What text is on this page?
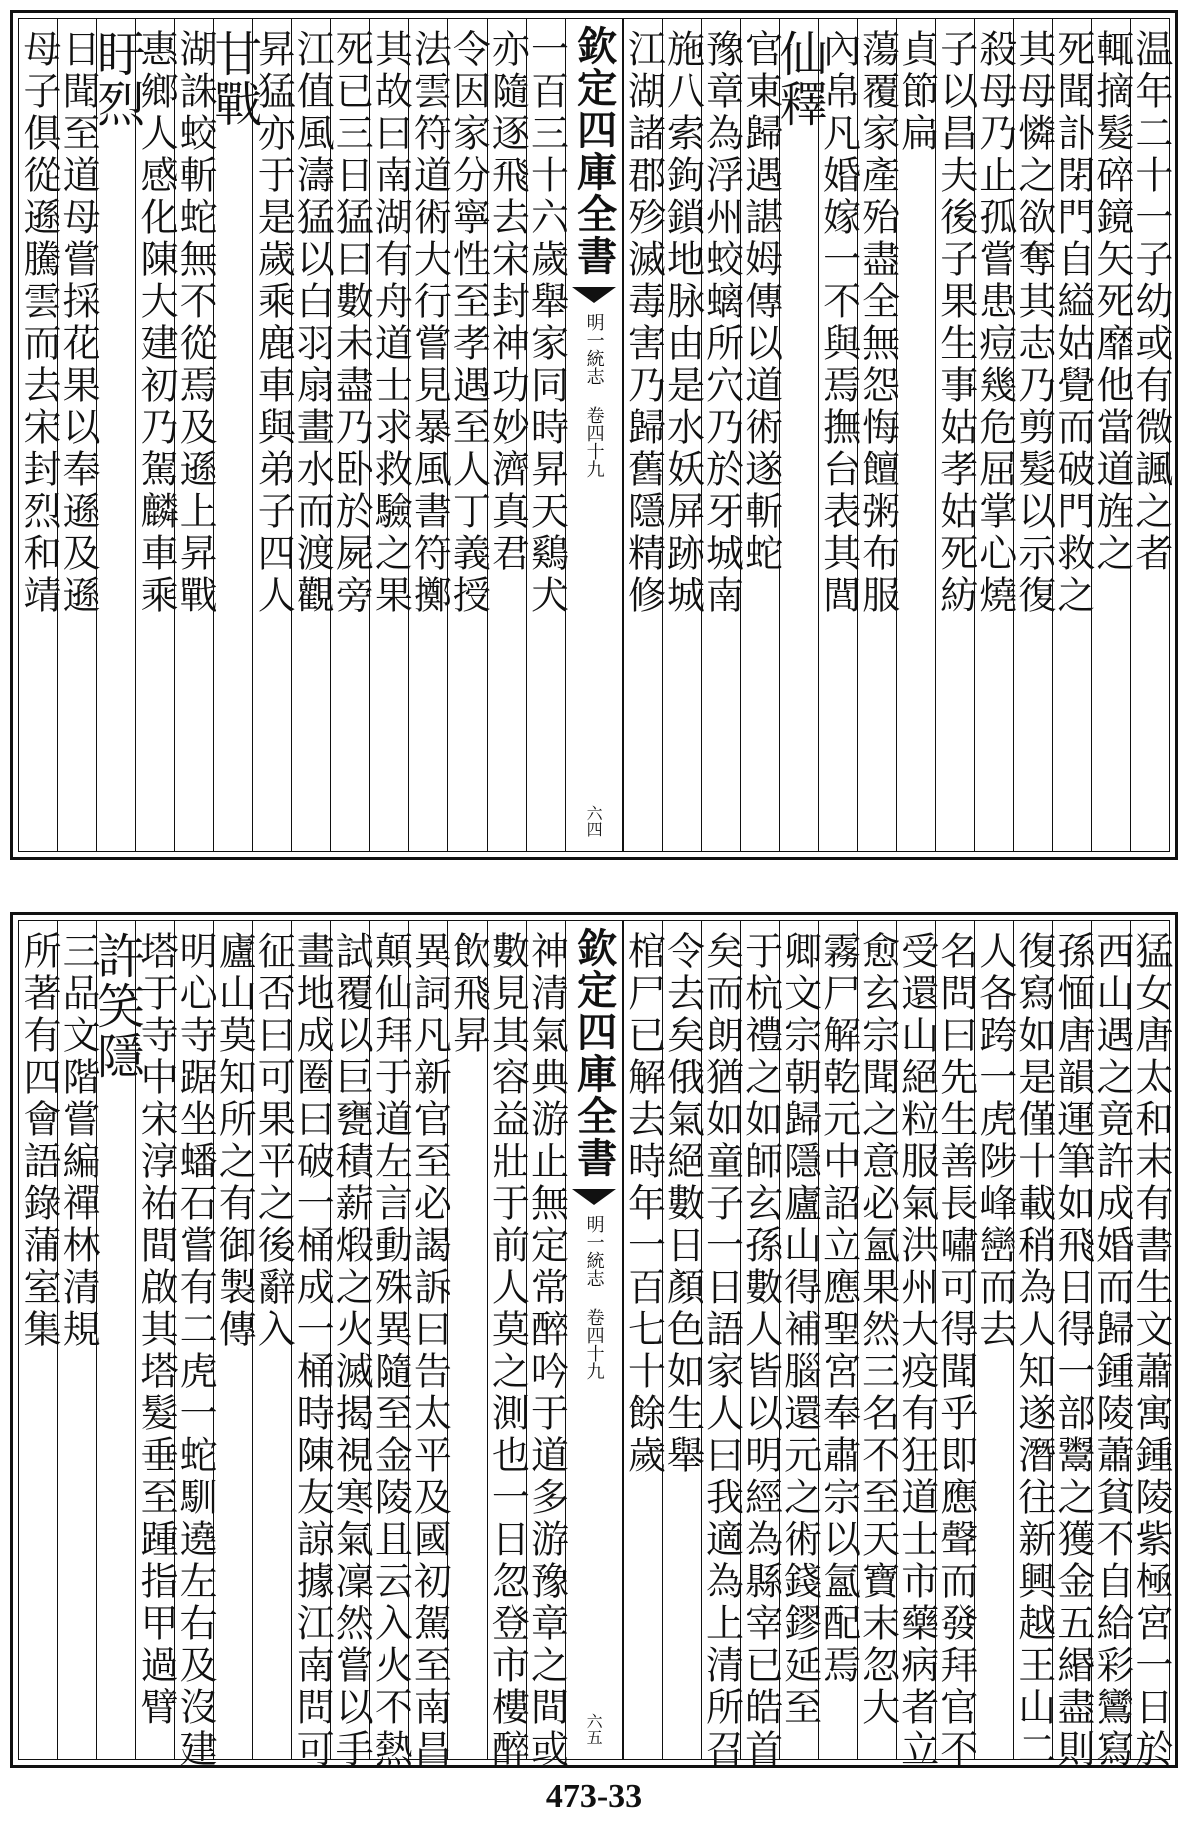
温年二十一子幼或有微諷之者
輒摘髮碎鏡矢死靡他當道旌之
死聞訃閉門自縊姑覺而破門救之
其母憐之欲奪其志乃剪髮以示復
殺母乃止孤嘗患痘幾危屈掌心燒
子以昌夫後子果生事姑孝姑死紡
貞節扁
蕩覆家產殆盡全無怨悔饘粥布服
內帛凡婚嫁一不與焉撫台表其閭
仙釋
官東歸遇諶姆傳以道術遂斬蛇
豫章為浮州蛟螭所穴乃於牙城南
施八索鉤鎖地脉由是水妖屏跡城
江湖諸郡殄滅毒害乃歸舊隱精修
欽定四庫全書
明一統志 卷四十九
六四
一百三十六歲舉家同時昇天鷄犬
亦隨逐飛去宋封神功妙濟真君
令因家分寧性至孝遇至人丁義授
法雲符道術大行嘗見暴風書符擲
其故曰南湖有舟道士求救驗之果
死已三日猛曰數未盡乃卧於屍旁
江值風濤猛以白羽扇畫水而渡觀
昇猛亦于是歲乘鹿車與弟子四人
甘戰
湖誅蛟斬蛇無不從焉及遜上昇戰
惠鄉人感化陳大建初乃駕麟車乘
盱烈
日聞至道母嘗採花果以奉遜及遜
母子俱從遜騰雲而去宋封烈和靖
猛女唐太和末有書生文蕭寓鍾陵紫極宮一日於
西山遇之竟許成婚而歸鍾陵蕭貧不自給彩鸞寫
孫愐唐韻運筆如飛日得一部鬻之獲金五緡盡則
復寫如是僅十載稍為人知遂潛往新興越王山二
人各跨一虎陟峰巒而去
名問曰先生善長嘯可得聞乎即應聲而發拜官不
受還山絕粒服氣洪州大疫有狂道士市藥病者立
愈玄宗聞之意必氳果然三名不至天寶末忽大
霧尸解乾元中詔立應聖宮奉肅宗以氳配焉
卿文宗朝歸隱廬山得補腦還元之術錢鏐延至
于杭禮之如師玄孫數人皆以明經為縣宰已皓首
矣而朗猶如童子一日語家人曰我適為上清所召
令去矣俄氣絕數日顏色如生舉
棺尸已解去時年一百七十餘歲
欽定四庫全書
明一統志 卷四十九
六五
神清氣典游止無定常醉吟于道多游豫章之間或
數見其容益壯于前人莫之測也一日忽登市樓醉
飲飛昇
異詞凡新官至必謁訴曰告太平及國初駕至南昌
顛仙拜于道左言動殊異隨至金陵且云入火不熱
試覆以巨甕積薪煅之火滅揭視寒氣凜然嘗以手
畫地成圈曰破一桶成一桶時陳友諒據江南問可
征否曰可果平之後辭入
廬山莫知所之有御製傳
明心寺踞坐蟠石嘗有二虎一蛇馴遶左右及沒建
塔于寺中宋淳祐間啟其塔髮垂至踵指甲過臂
許笑隱
三品文階嘗編禪林清規
所著有四會語錄蒲室集
473-33
